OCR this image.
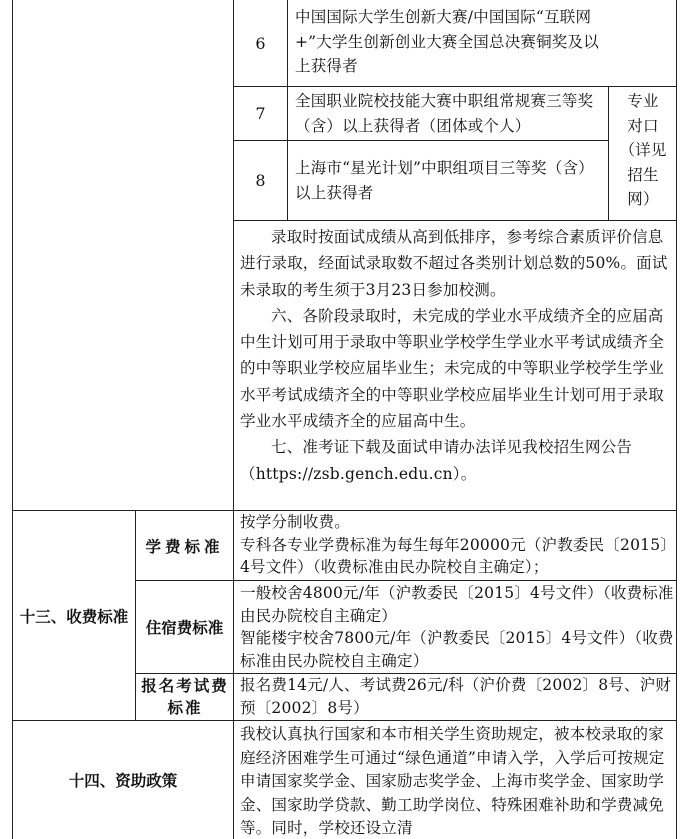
6
中国国际大学生创新大赛/中国国际“互联网+”大学生创新创业大赛全国总决赛铜奖及以上获得者
7
全国职业院校技能大赛中职组常规赛三等奖（含）以上获得者（团体或个人）
8
上海市“星光计划”中职组项目三等奖（含）以上获得者
专业
对口
（详见
招生
网）

录取时按面试成绩从高到低排序，参考综合素质评价信息进行录取，经面试录取数不超过各类别计划总数的50%。面试未录取的考生须于3月23日参加校测。

六、各阶段录取时，未完成的学业水平成绩齐全的应届高中生计划可用于录取中等职业学校学生学业水平考试成绩齐全的中等职业学校应届毕业生；未完成的中等职业学校学生学业水平考试成绩齐全的中等职业学校应届毕业生计划可用于录取学业水平成绩齐全的应届高中生。

七、准考证下载及面试申请办法详见我校招生网公告（https://zsb.gench.edu.cn）。

十三、收费标准
学费标准
按学分制收费。
专科各专业学费标准为每生每年20000元（沪教委民〔2015〕4号文件）（收费标准由民办院校自主确定）；
住宿费标准
一般校舍4800元/年（沪教委民〔2015〕4号文件）（收费标准由民办院校自主确定）
智能楼宇校舍7800元/年（沪教委民〔2015〕4号文件）（收费标准由民办院校自主确定）
报名考试费标准
报名费14元/人、考试费26元/科（沪价费〔2002〕8号、沪财预〔2002〕8号）
十四、资助政策
我校认真执行国家和本市相关学生资助规定，被本校录取的家庭经济困难学生可通过“绿色通道”申请入学，入学后可按规定申请国家奖学金、国家励志奖学金、上海市奖学金、国家助学金、国家助学贷款、勤工助学岗位、特殊困难补助和学费减免等。同时，学校还设立清
